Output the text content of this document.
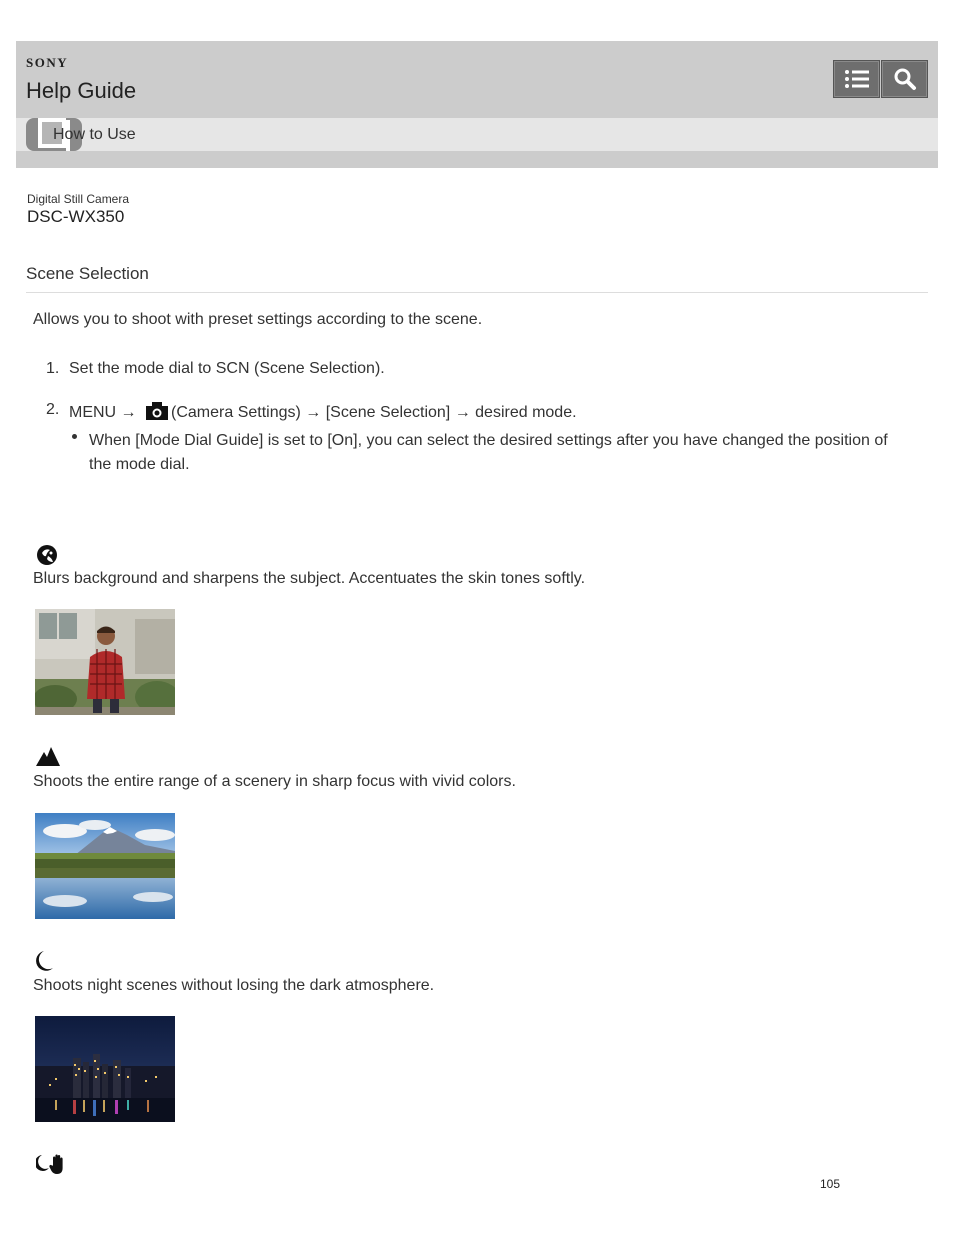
SONY
Help Guide
How to Use
Digital Still Camera
DSC-WX350
Scene Selection

Allows you to shoot with preset settings according to the scene.

1. Set the mode dial to SCN (Scene Selection).
2. MENU → (Camera Settings) → [Scene Selection] → desired mode.

When [Mode Dial Guide] is set to [On], you can select the desired settings after you have changed the position of the mode dial.

Blurs background and sharpens the subject. Accentuates the skin tones softly.

Shoots the entire range of a scenery in sharp focus with vivid colors.

Shoots night scenes without losing the dark atmosphere.

105
